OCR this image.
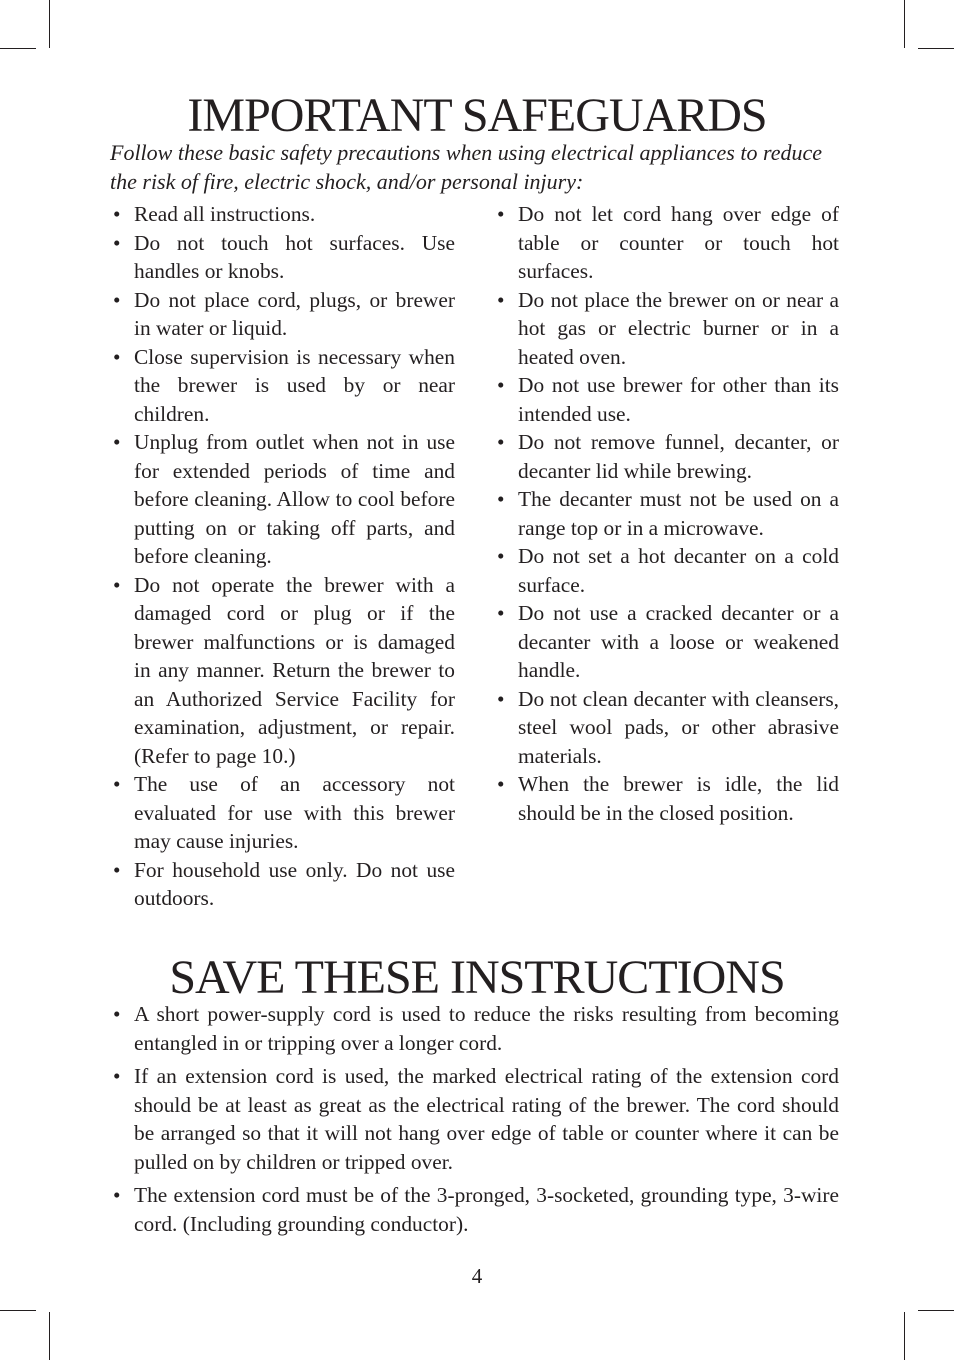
IMPORTANT SAFEGUARDS

Follow these basic safety precautions when using electrical appliances to reduce the risk of fire, electric shock, and/or personal injury:

• Read all instructions.
• Do not touch hot surfaces. Use handles or knobs.
• Do not place cord, plugs, or brewer in water or liquid.
• Close supervision is necessary when the brewer is used by or near children.
• Unplug from outlet when not in use for extended periods of time and before cleaning. Allow to cool before putting on or taking off parts, and before cleaning.
• Do not operate the brewer with a damaged cord or plug or if the brewer malfunctions or is damaged in any manner. Return the brewer to an Authorized Service Facility for examination, adjustment, or repair. (Refer to page 10.)
• The use of an accessory not evaluated for use with this brewer may cause injuries.
• For household use only. Do not use outdoors.
• Do not let cord hang over edge of table or counter or touch hot surfaces.
• Do not place the brewer on or near a hot gas or electric burner or in a heated oven.
• Do not use brewer for other than its intended use.
• Do not remove funnel, decanter, or decanter lid while brewing.
• The decanter must not be used on a range top or in a microwave.
• Do not set a hot decanter on a cold surface.
• Do not use a cracked decanter or a decanter with a loose or weakened handle.
• Do not clean decanter with cleansers, steel wool pads, or other abrasive materials.
• When the brewer is idle, the lid should be in the closed position.
SAVE THESE INSTRUCTIONS
• A short power-supply cord is used to reduce the risks resulting from becoming entangled in or tripping over a longer cord.
• If an extension cord is used, the marked electrical rating of the extension cord should be at least as great as the electrical rating of the brewer. The cord should be arranged so that it will not hang over edge of table or counter where it can be pulled on by children or tripped over.
• The extension cord must be of the 3-pronged, 3-socketed, grounding type, 3-wire cord. (Including grounding conductor).
4
